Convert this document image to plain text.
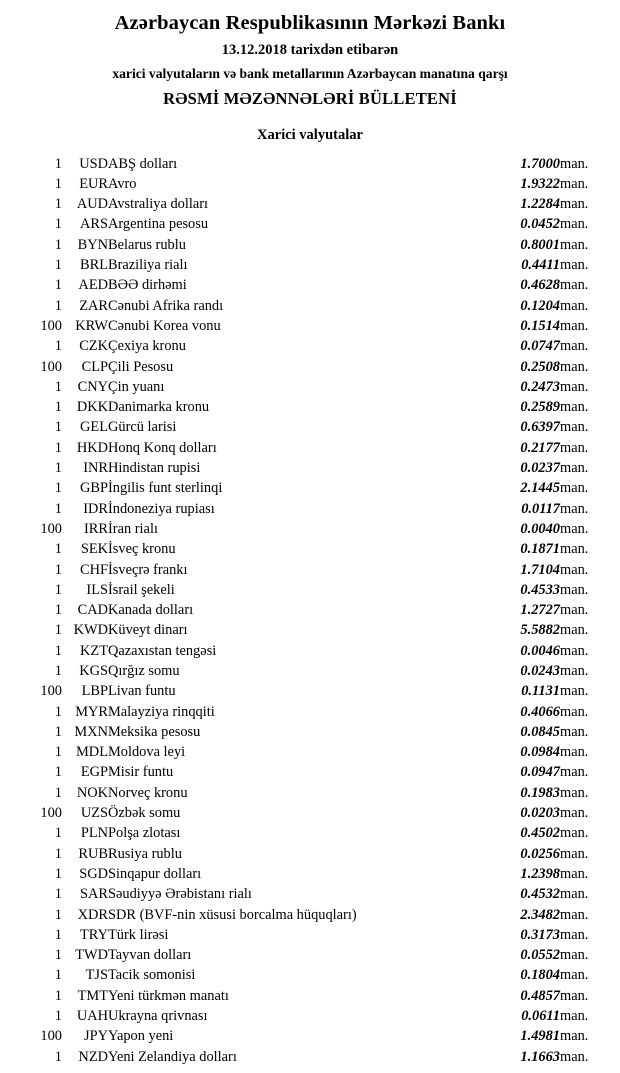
Azərbaycan Respublikasının Mərkəzi Bankı
13.12.2018 tarixdən etibarən
xarici valyutaların və bank metallarının Azərbaycan manatına qarşı
RƏSMİ MƏZƏNNƏLƏRİ BÜLLETENİ
Xarici valyutalar
1	USD	ABŞ dolları	1.7000	man.
1	EUR	Avro	1.9322	man.
1	AUD	Avstraliya dolları	1.2284	man.
1	ARS	Argentina pesosu	0.0452	man.
1	BYN	Belarus rublu	0.8001	man.
1	BRL	Braziliya rialı	0.4411	man.
1	AED	BƏƏ dirhəmi	0.4628	man.
1	ZAR	Cənubi Afrika randı	0.1204	man.
100	KRW	Cənubi Korea vonu	0.1514	man.
1	CZK	Çexiya kronu	0.0747	man.
100	CLP	Çili Pesosu	0.2508	man.
1	CNY	Çin yuanı	0.2473	man.
1	DKK	Danimarka kronu	0.2589	man.
1	GEL	Gürcü larisi	0.6397	man.
1	HKD	Honq Konq dolları	0.2177	man.
1	INR	Hindistan rupisi	0.0237	man.
1	GBP	İngilis funt sterlinqi	2.1445	man.
1	IDR	İndoneziya rupiası	0.0117	man.
100	IRR	İran rialı	0.0040	man.
1	SEK	İsveç kronu	0.1871	man.
1	CHF	İsveçrə frankı	1.7104	man.
1	ILS	İsrail şekeli	0.4533	man.
1	CAD	Kanada dolları	1.2727	man.
1	KWD	Küveyt dinarı	5.5882	man.
1	KZT	Qazaxıstan tengəsi	0.0046	man.
1	KGS	Qırğız somu	0.0243	man.
100	LBP	Livan funtu	0.1131	man.
1	MYR	Malayziya rinqqiti	0.4066	man.
1	MXN	Meksika pesosu	0.0845	man.
1	MDL	Moldova leyi	0.0984	man.
1	EGP	Misir funtu	0.0947	man.
1	NOK	Norveç kronu	0.1983	man.
100	UZS	Özbək somu	0.0203	man.
1	PLN	Polşa zlotası	0.4502	man.
1	RUB	Rusiya rublu	0.0256	man.
1	SGD	Sinqapur dolları	1.2398	man.
1	SAR	Səudiyyə Ərəbistanı rialı	0.4532	man.
1	XDR	SDR (BVF-nin xüsusi borcalma hüquqları)	2.3482	man.
1	TRY	Türk lirəsi	0.3173	man.
1	TWD	Tayvan dolları	0.0552	man.
1	TJS	Tacik somonisi	0.1804	man.
1	TMT	Yeni türkmən manatı	0.4857	man.
1	UAH	Ukrayna qrivnası	0.0611	man.
100	JPY	Yapon yeni	1.4981	man.
1	NZD	Yeni Zelandiya dolları	1.1663	man.
